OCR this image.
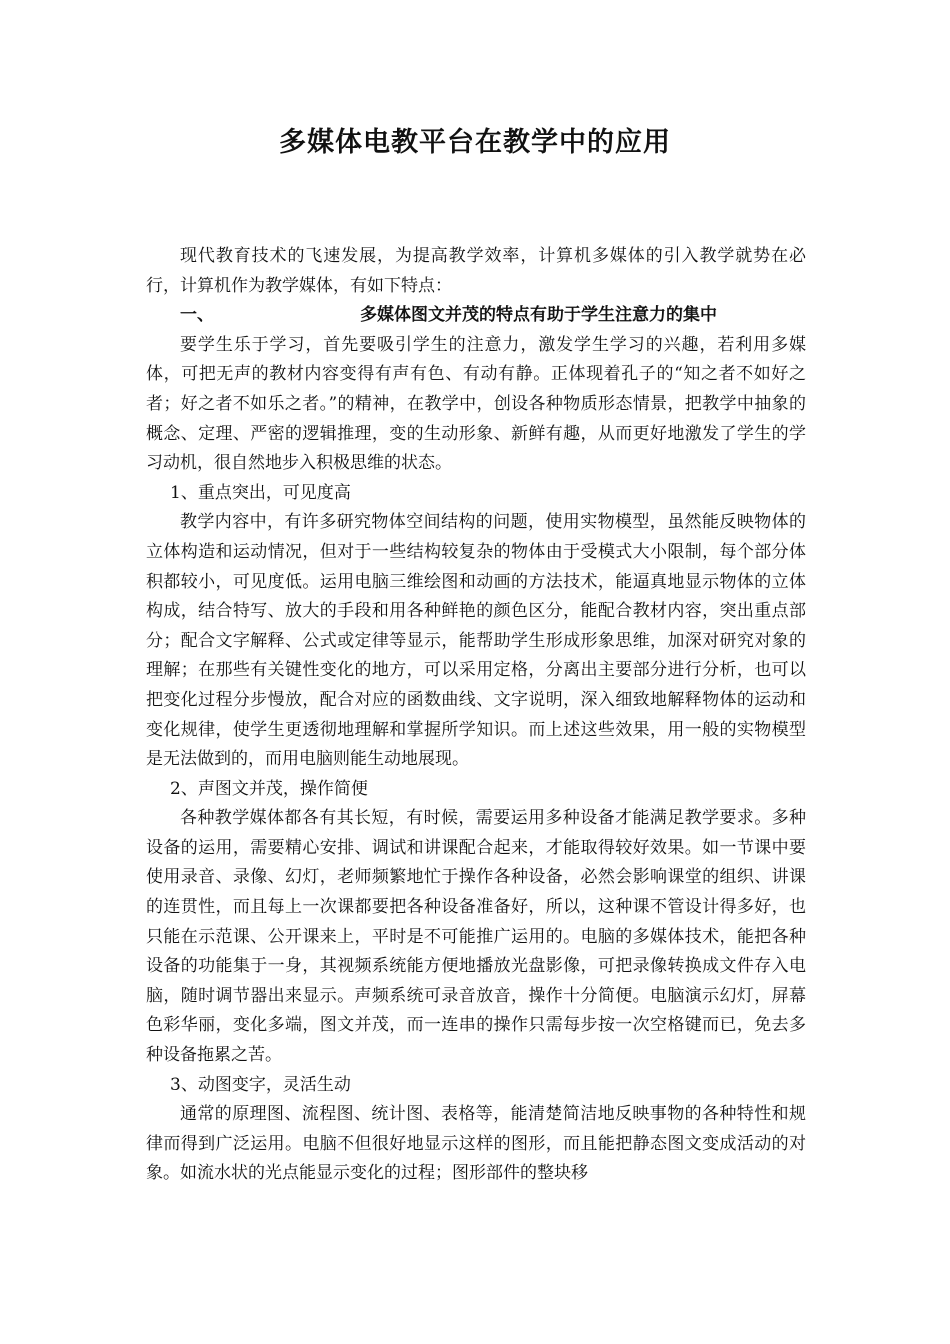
多媒体电教平台在教学中的应用

现代教育技术的飞速发展，为提高教学效率，计算机多媒体的引入教学就势在必行，计算机作为教学媒体，有如下特点：

一、	多媒体图文并茂的特点有助于学生注意力的集中

要学生乐于学习，首先要吸引学生的注意力，激发学生学习的兴趣，若利用多媒体，可把无声的教材内容变得有声有色、有动有静。正体现着孔子的“知之者不如好之者；好之者不如乐之者。”的精神，在教学中，创设各种物质形态情景，把教学中抽象的概念、定理、严密的逻辑推理，变的生动形象、新鲜有趣，从而更好地激发了学生的学习动机，很自然地步入积极思维的状态。

1、重点突出，可见度高

教学内容中，有许多研究物体空间结构的问题，使用实物模型，虽然能反映物体的立体构造和运动情况，但对于一些结构较复杂的物体由于受模式大小限制，每个部分体积都较小，可见度低。运用电脑三维绘图和动画的方法技术，能逼真地显示物体的立体构成，结合特写、放大的手段和用各种鲜艳的颜色区分，能配合教材内容，突出重点部分；配合文字解释、公式或定律等显示，能帮助学生形成形象思维，加深对研究对象的理解；在那些有关键性变化的地方，可以采用定格，分离出主要部分进行分析，也可以把变化过程分步慢放，配合对应的函数曲线、文字说明，深入细致地解释物体的运动和变化规律，使学生更透彻地理解和掌握所学知识。而上述这些效果，用一般的实物模型是无法做到的，而用电脑则能生动地展现。

2、声图文并茂，操作简便

各种教学媒体都各有其长短，有时候，需要运用多种设备才能满足教学要求。多种设备的运用，需要精心安排、调试和讲课配合起来，才能取得较好效果。如一节课中要使用录音、录像、幻灯，老师频繁地忙于操作各种设备，必然会影响课堂的组织、讲课的连贯性，而且每上一次课都要把各种设备准备好，所以，这种课不管设计得多好，也只能在示范课、公开课来上，平时是不可能推广运用的。电脑的多媒体技术，能把各种设备的功能集于一身，其视频系统能方便地播放光盘影像，可把录像转换成文件存入电脑，随时调节器出来显示。声频系统可录音放音，操作十分简便。电脑演示幻灯，屏幕色彩华丽，变化多端，图文并茂，而一连串的操作只需每步按一次空格键而已，免去多种设备拖累之苦。

3、动图变字，灵活生动

通常的原理图、流程图、统计图、表格等，能清楚简洁地反映事物的各种特性和规律而得到广泛运用。电脑不但很好地显示这样的图形，而且能把静态图文变成活动的对象。如流水状的光点能显示变化的过程；图形部件的整块移
